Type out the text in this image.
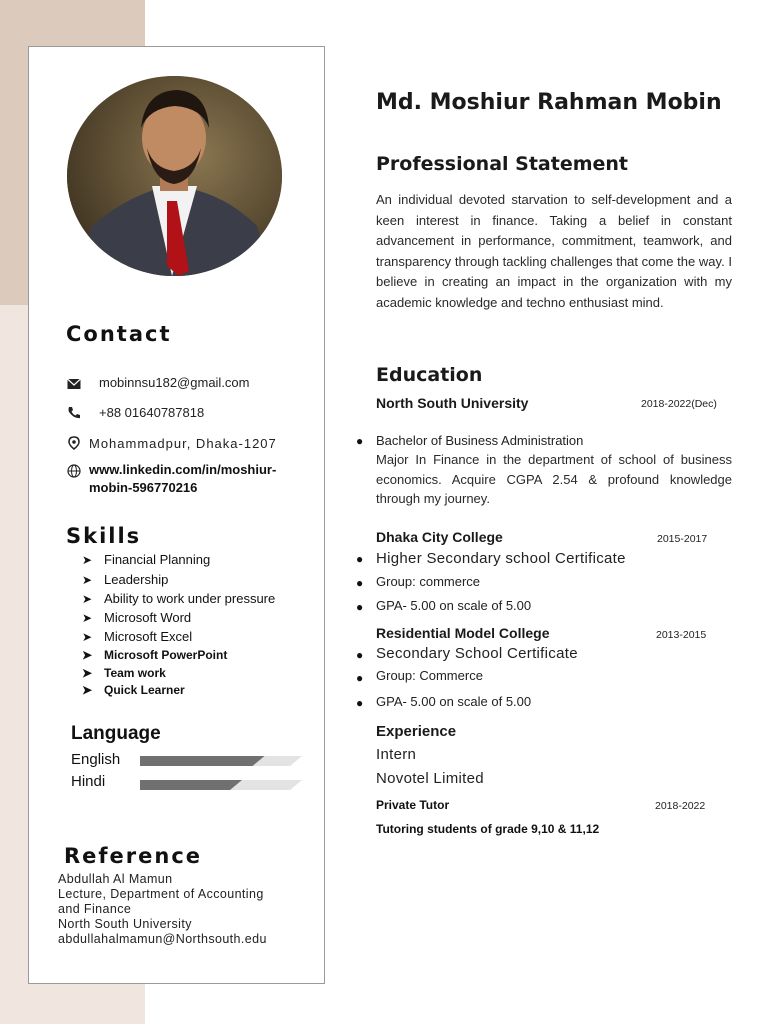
Contact
mobinnsu182@gmail.com
+88 01640787818
Mohammadpur, Dhaka-1207
www.linkedin.com/in/moshiur-
mobin-596770216
Skills
➤ Financial Planning
➤ Leadership
➤ Ability to work under pressure
➤ Microsoft Word
➤ Microsoft Excel
➤ Microsoft PowerPoint
➤ Team work
➤ Quick Learner
Language
English
Hindi
Reference
Abdullah Al Mamun
Lecture, Department of Accounting
and Finance
North South University
abdullahalmamun@Northsouth.edu
Md. Moshiur Rahman Mobin
Professional Statement
An individual devoted starvation to self-development and a keen interest in finance. Taking a belief in constant advancement in performance, commitment, teamwork, and transparency through tackling challenges that come the way. I believe in creating an impact in the organization with my academic knowledge and techno enthusiast mind.
Education
North South University	2018-2022(Dec)
● Bachelor of Business Administration
Major In Finance in the department of school of business economics. Acquire CGPA 2.54 & profound knowledge through my journey.
Dhaka City College	2015-2017
● Higher Secondary school Certificate
● Group: commerce
● GPA- 5.00 on scale of 5.00
Residential Model College	2013-2015
● Secondary School Certificate
● Group: Commerce
● GPA- 5.00 on scale of 5.00
Experience
Intern
Novotel Limited
Private Tutor	2018-2022
Tutoring students of grade 9,10 & 11,12
